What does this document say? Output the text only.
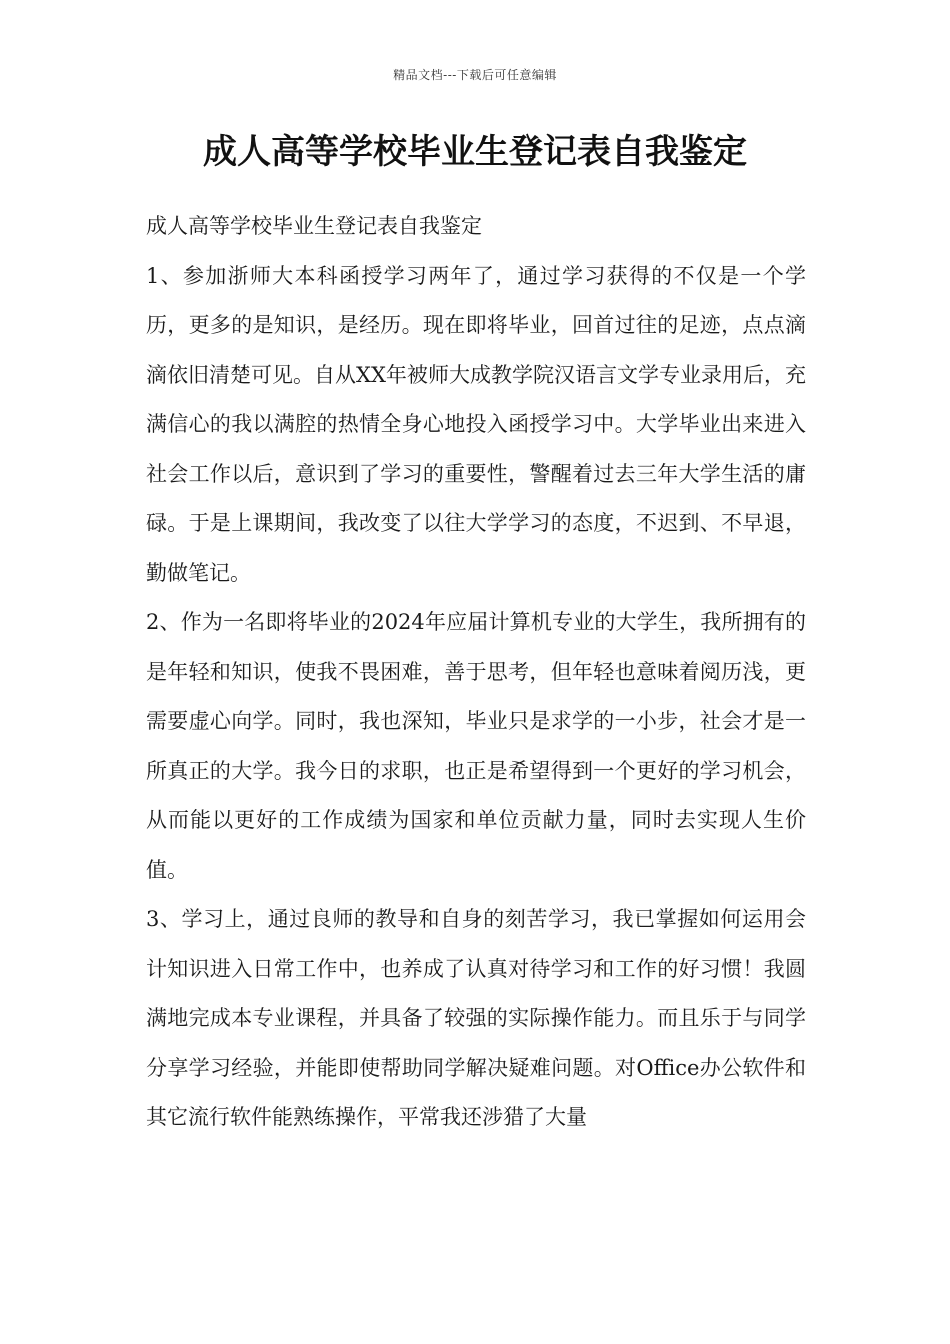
精品文档---下载后可任意编辑
成人高等学校毕业生登记表自我鉴定

成人高等学校毕业生登记表自我鉴定

1、参加浙师大本科函授学习两年了，通过学习获得的不仅是一个学历，更多的是知识，是经历。现在即将毕业，回首过往的足迹，点点滴滴依旧清楚可见。自从XX年被师大成教学院汉语言文学专业录用后，充满信心的我以满腔的热情全身心地投入函授学习中。大学毕业出来进入社会工作以后，意识到了学习的重要性，警醒着过去三年大学生活的庸碌。于是上课期间，我改变了以往大学学习的态度，不迟到、不早退，勤做笔记。

2、作为一名即将毕业的2024年应届计算机专业的大学生，我所拥有的是年轻和知识，使我不畏困难，善于思考，但年轻也意味着阅历浅，更需要虚心向学。同时，我也深知，毕业只是求学的一小步，社会才是一所真正的大学。我今日的求职，也正是希望得到一个更好的学习机会，从而能以更好的工作成绩为国家和单位贡献力量，同时去实现人生价值。

3、学习上，通过良师的教导和自身的刻苦学习，我已掌握如何运用会计知识进入日常工作中，也养成了认真对待学习和工作的好习惯！我圆满地完成本专业课程，并具备了较强的实际操作能力。而且乐于与同学分享学习经验，并能即使帮助同学解决疑难问题。对Office办公软件和其它流行软件能熟练操作，平常我还涉猎了大量
